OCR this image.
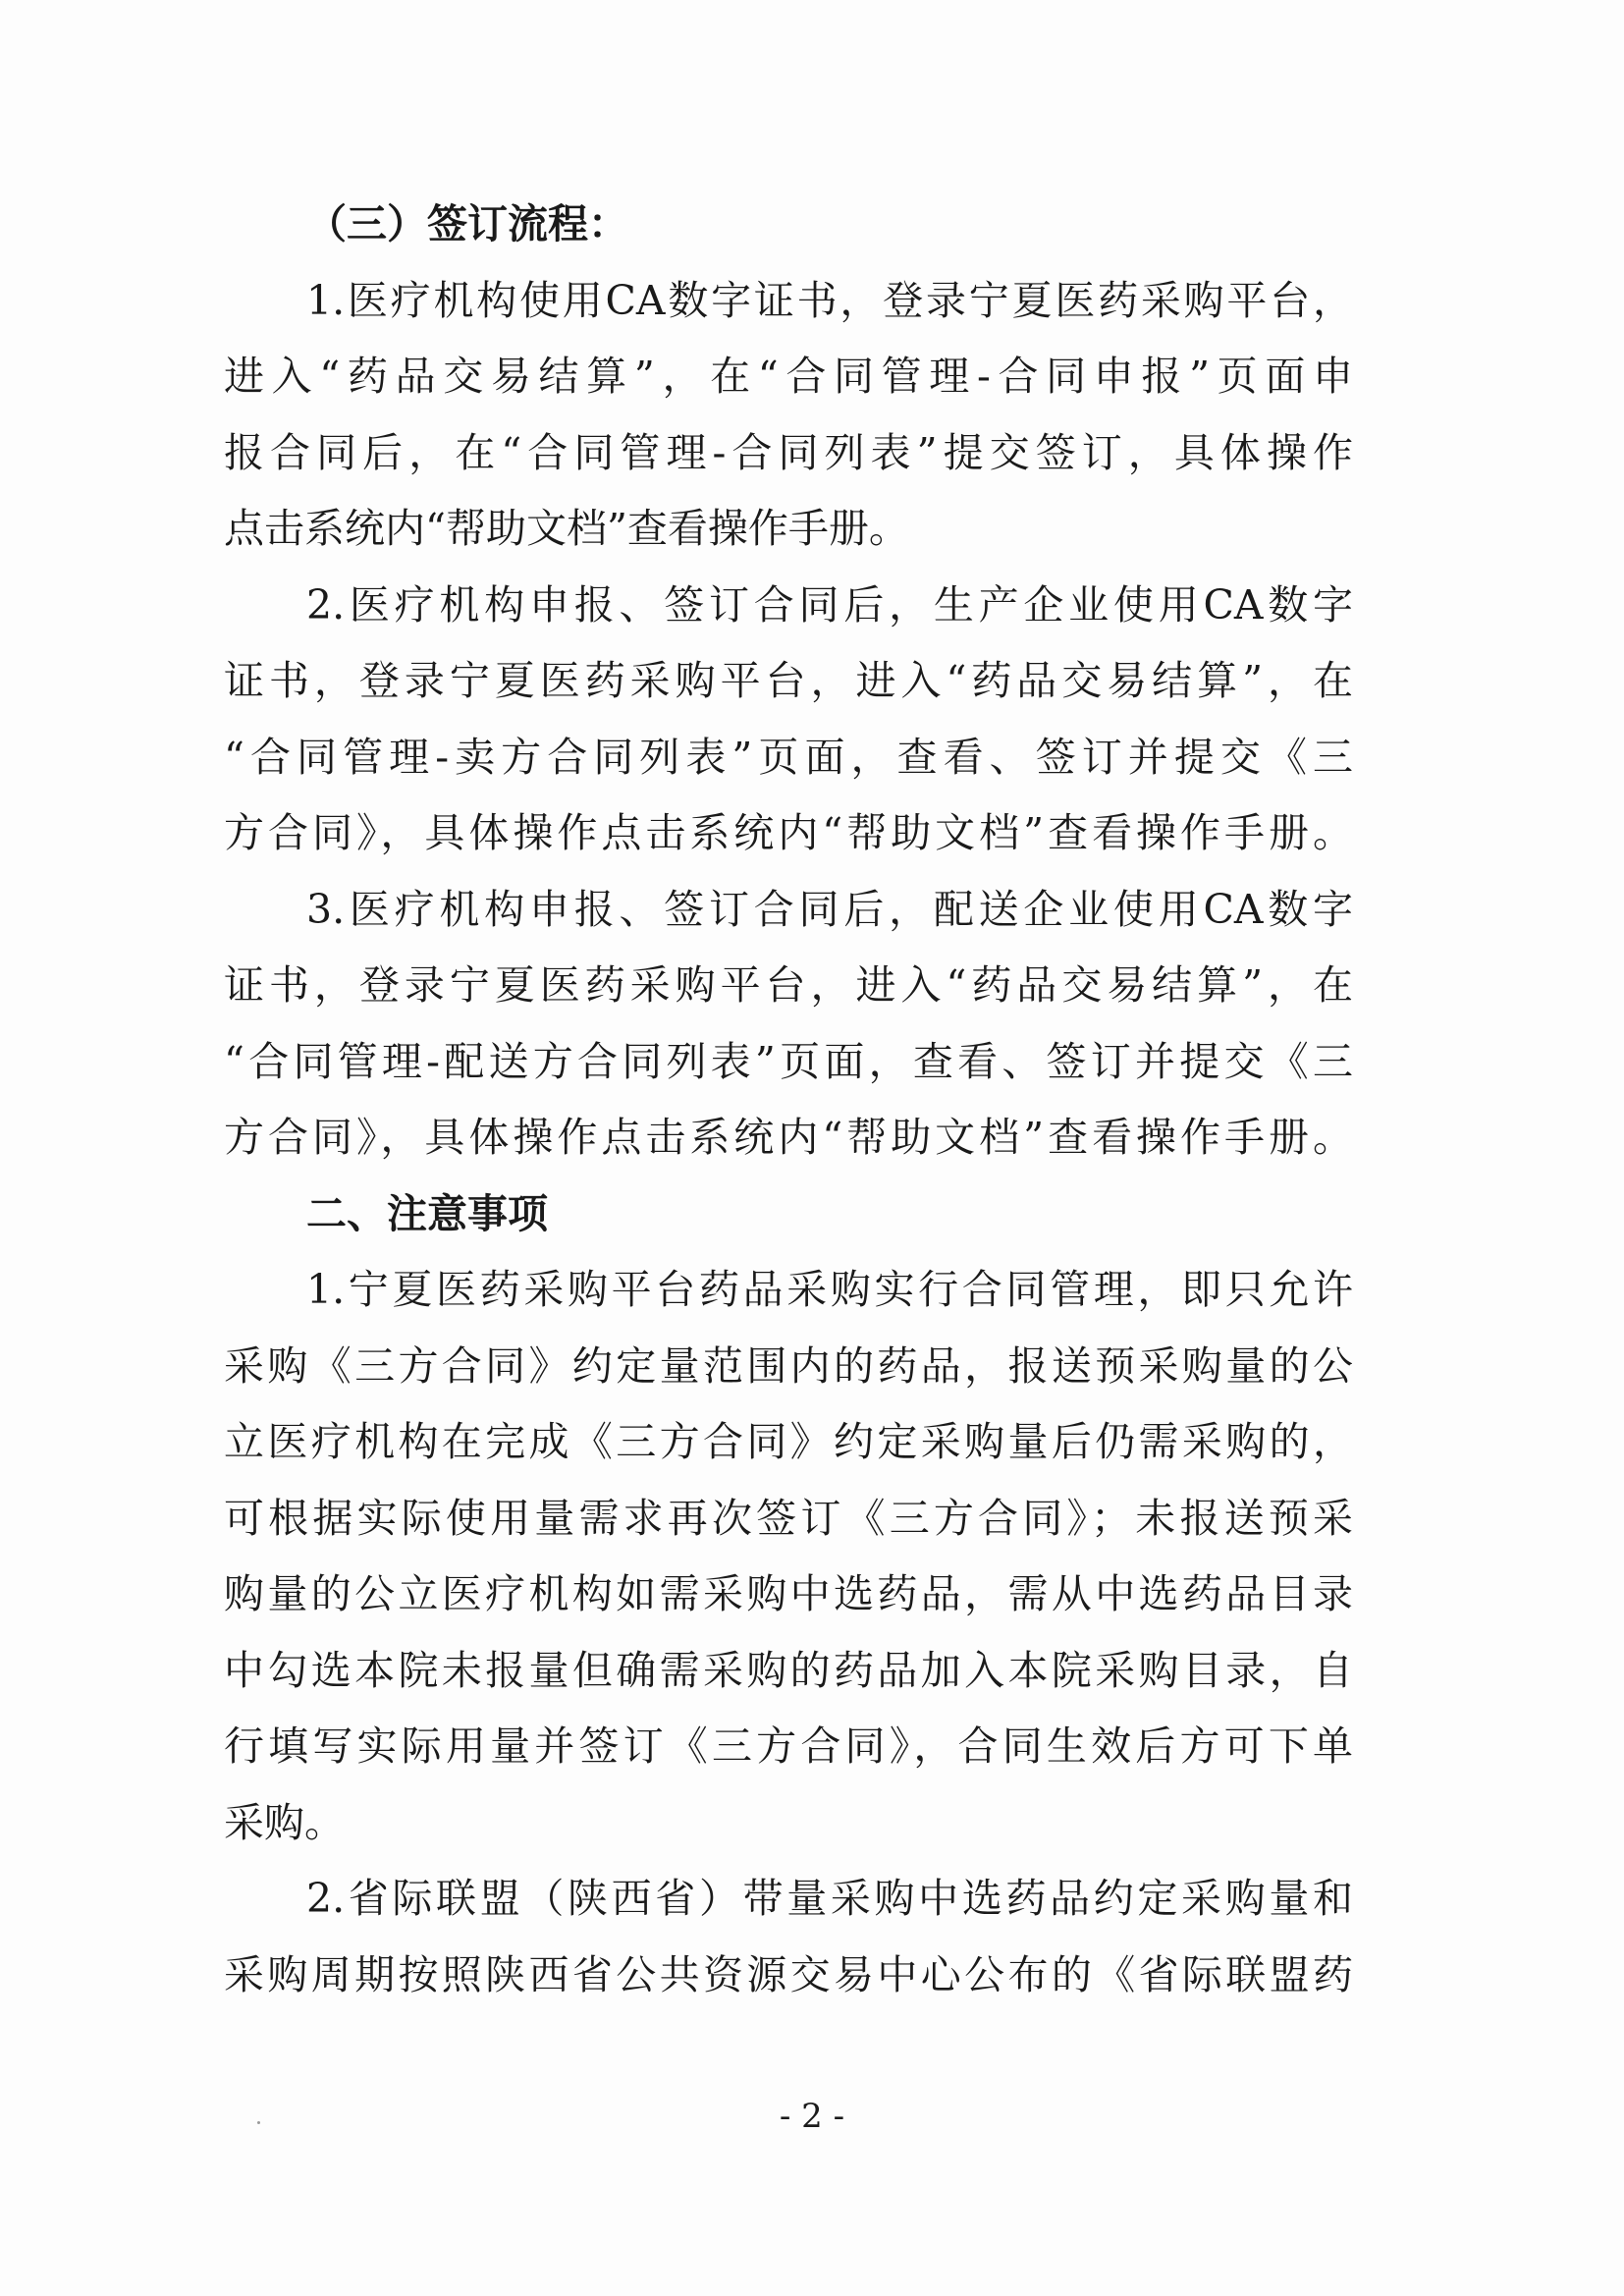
（三）签订流程：
1.医疗机构使用CA数字证书，登录宁夏医药采购平台，
进入“药品交易结算”，在“合同管理-合同申报”页面申
报合同后，在“合同管理-合同列表”提交签订，具体操作
点击系统内“帮助文档”查看操作手册。
2.医疗机构申报、签订合同后，生产企业使用CA数字
证书，登录宁夏医药采购平台，进入“药品交易结算”，在
“合同管理-卖方合同列表”页面，查看、签订并提交《三
方合同》，具体操作点击系统内“帮助文档”查看操作手册。
3.医疗机构申报、签订合同后，配送企业使用CA数字
证书，登录宁夏医药采购平台，进入“药品交易结算”，在
“合同管理-配送方合同列表”页面，查看、签订并提交《三
方合同》，具体操作点击系统内“帮助文档”查看操作手册。
二、注意事项
1.宁夏医药采购平台药品采购实行合同管理，即只允许
采购《三方合同》约定量范围内的药品，报送预采购量的公
立医疗机构在完成《三方合同》约定采购量后仍需采购的，
可根据实际使用量需求再次签订《三方合同》；未报送预采
购量的公立医疗机构如需采购中选药品，需从中选药品目录
中勾选本院未报量但确需采购的药品加入本院采购目录，自
行填写实际用量并签订《三方合同》，合同生效后方可下单
采购。
2.省际联盟（陕西省）带量采购中选药品约定采购量和
采购周期按照陕西省公共资源交易中心公布的《省际联盟药
- 2 -
